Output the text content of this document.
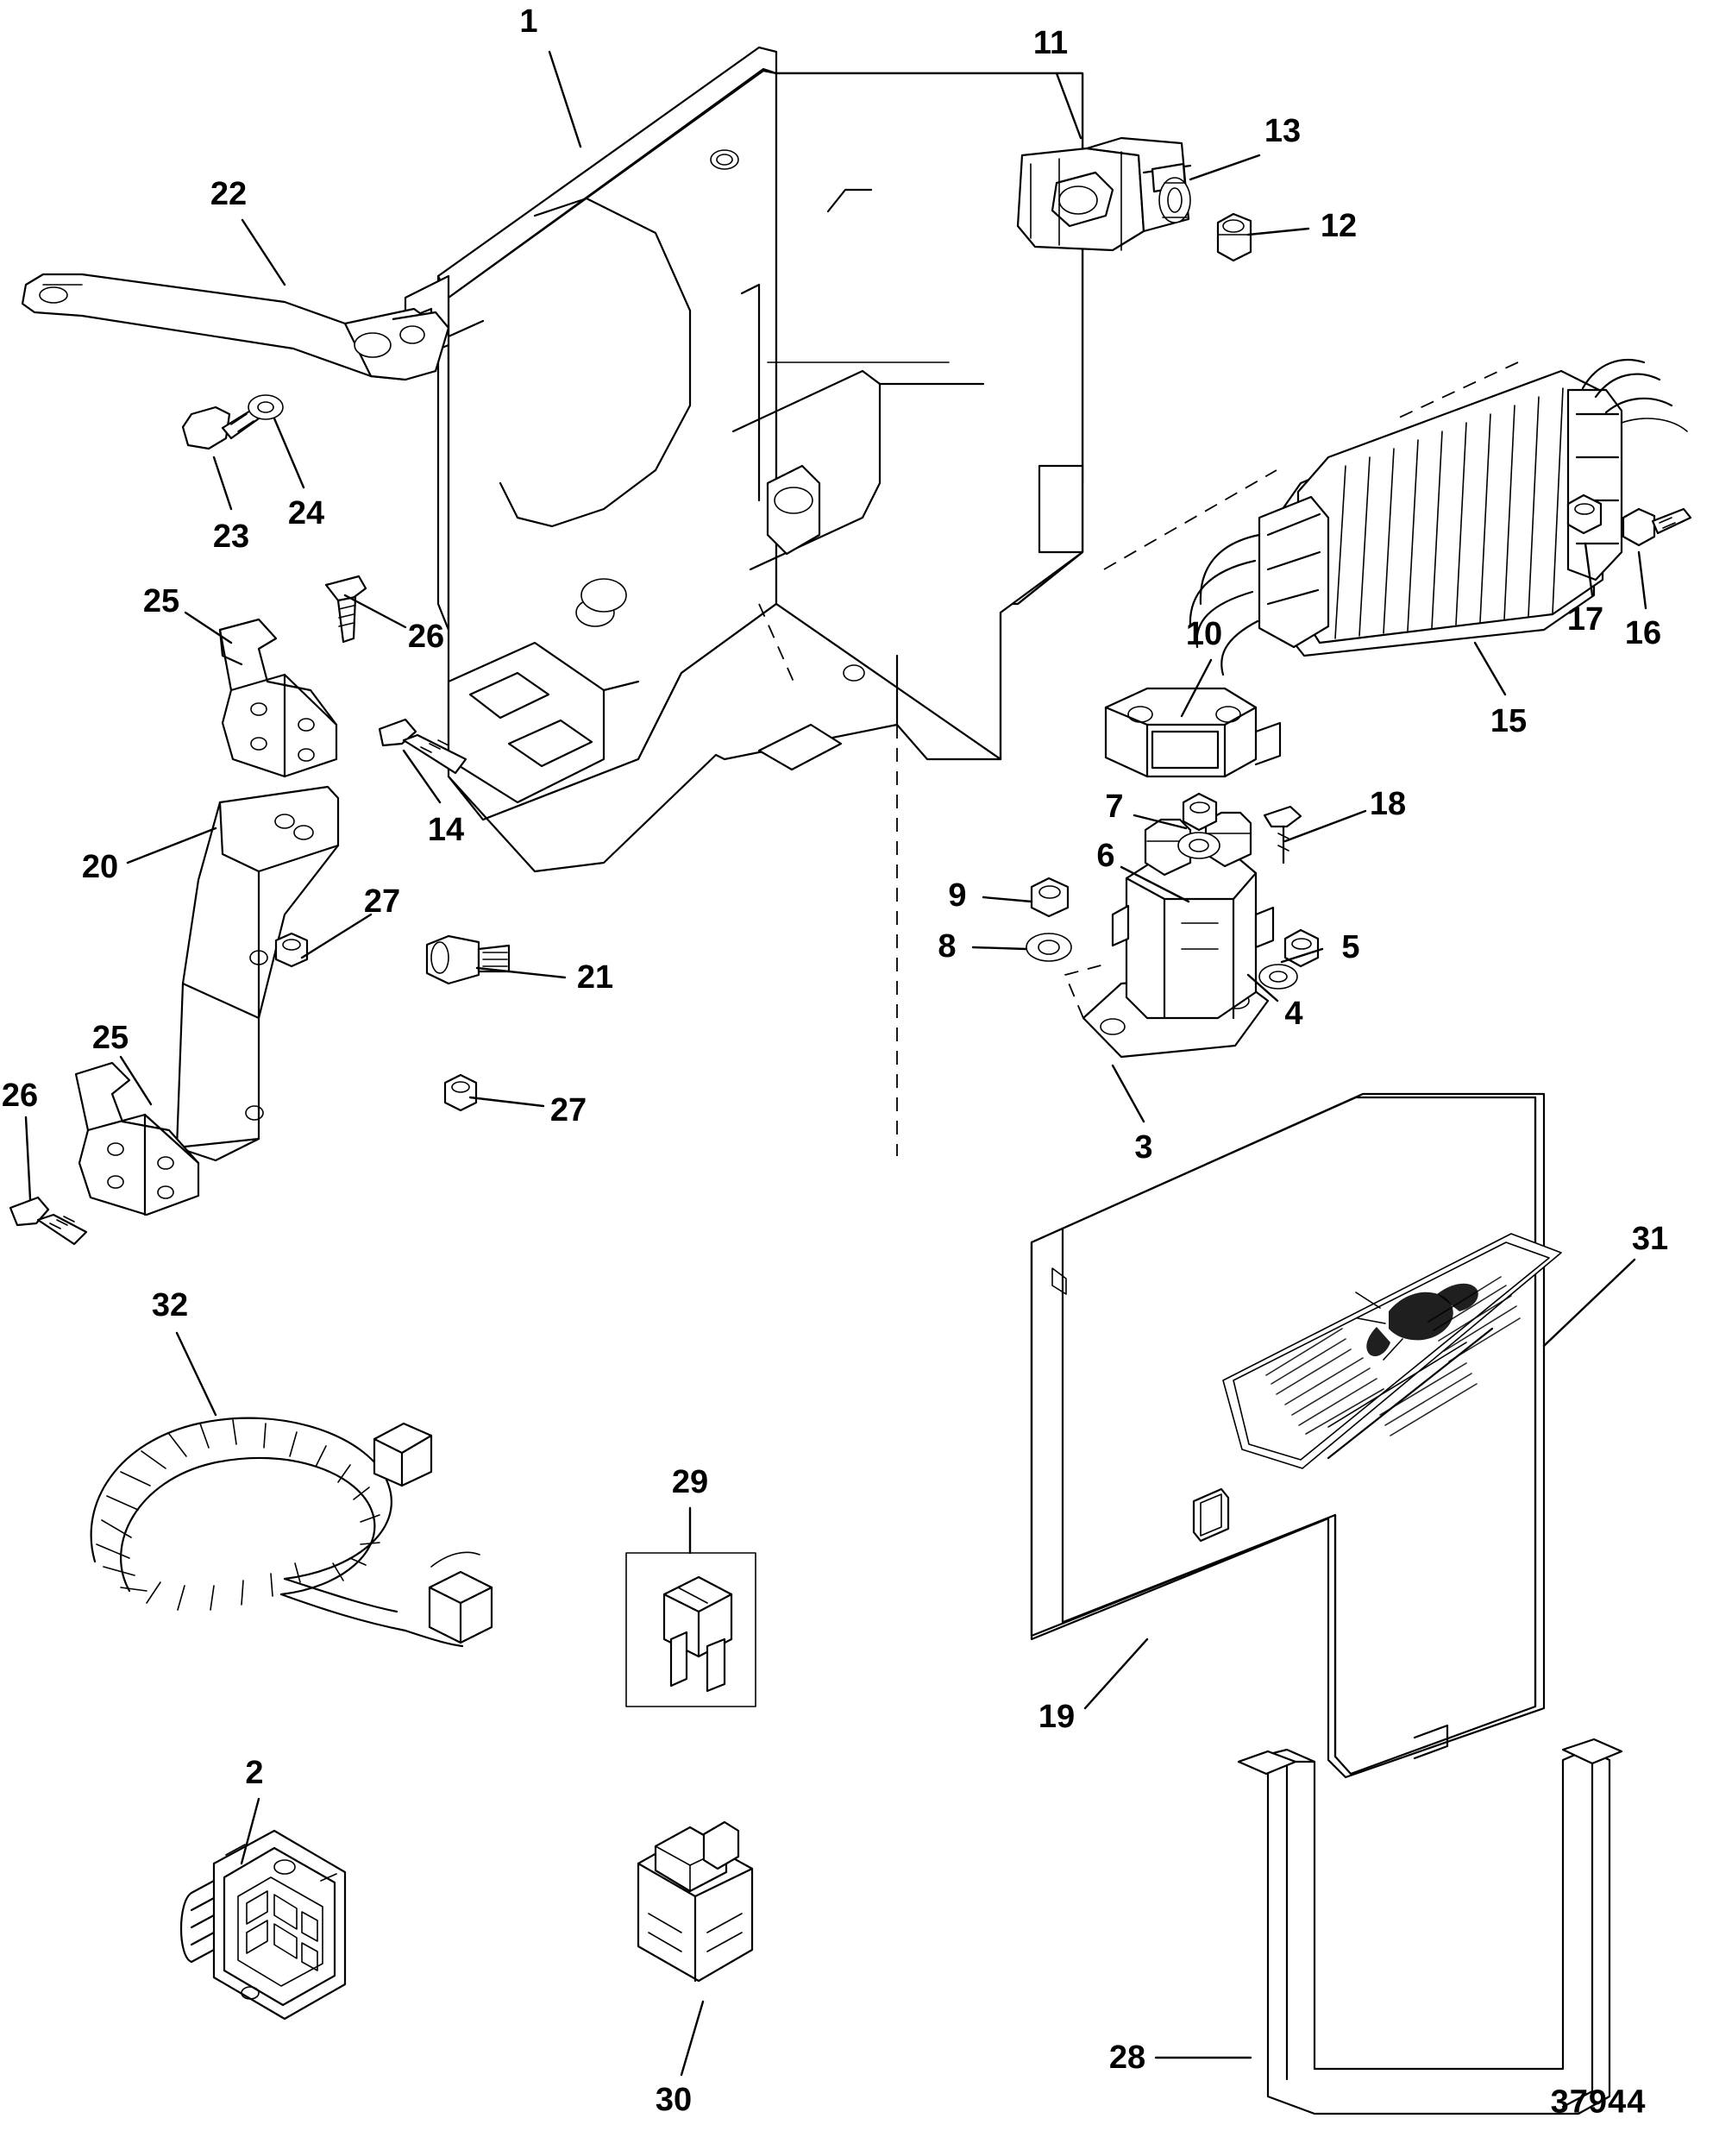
1
2
3
4
5
6
7
8
9
10
11
12
13
14
15
16
17
18
19
20
21
22
23
24
25
25
26
26
27
27
28
29
30
31
32
37944
